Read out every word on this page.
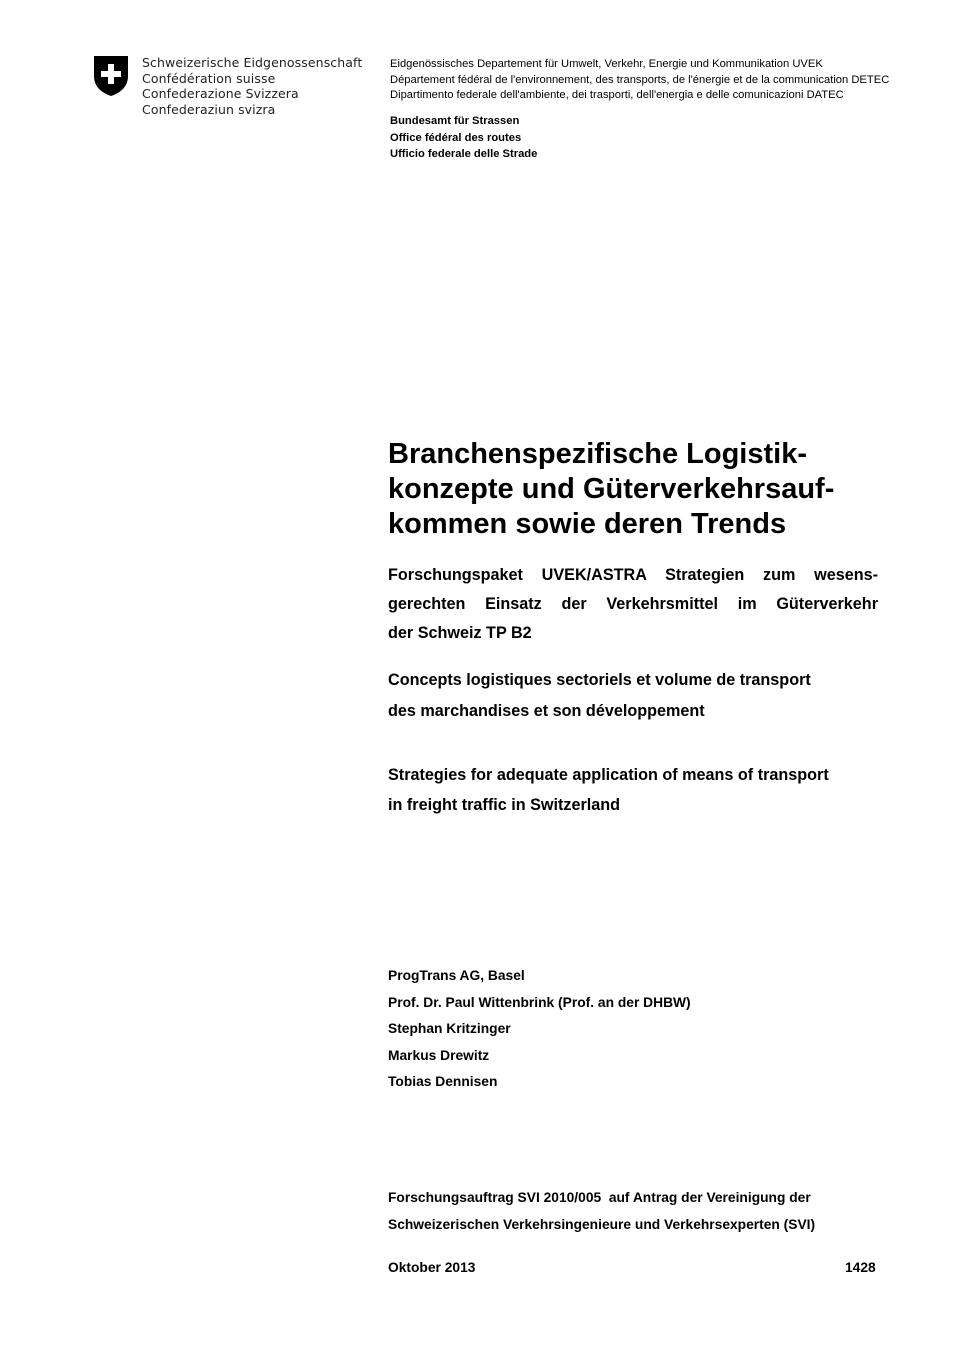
Schweizerische Eidgenossenschaft
Confédération suisse
Confederazione Svizzera
Confederaziun svizra
Eidgenössisches Departement für Umwelt, Verkehr, Energie und Kommunikation UVEK
Département fédéral de l'environnement, des transports, de l'énergie et de la communication DETEC
Dipartimento federale dell'ambiente, dei trasporti, dell'energia e delle comunicazioni DATEC
Bundesamt für Strassen
Office fédéral des routes
Ufficio federale delle Strade
Branchenspezifische Logistik-
konzepte und Güterverkehrsauf-
kommen sowie deren Trends
Forschungspaket UVEK/ASTRA Strategien zum wesens-
gerechten Einsatz der Verkehrsmittel im Güterverkehr
der Schweiz TP B2
Concepts logistiques sectoriels et volume de transport
des marchandises et son développement
Strategies for adequate application of means of transport
in freight traffic in Switzerland
ProgTrans AG, Basel
Prof. Dr. Paul Wittenbrink (Prof. an der DHBW)
Stephan Kritzinger
Markus Drewitz
Tobias Dennisen
Forschungsauftrag SVI 2010/005  auf Antrag der Vereinigung der
Schweizerischen Verkehrsingenieure und Verkehrsexperten (SVI)
Oktober 2013	1428
